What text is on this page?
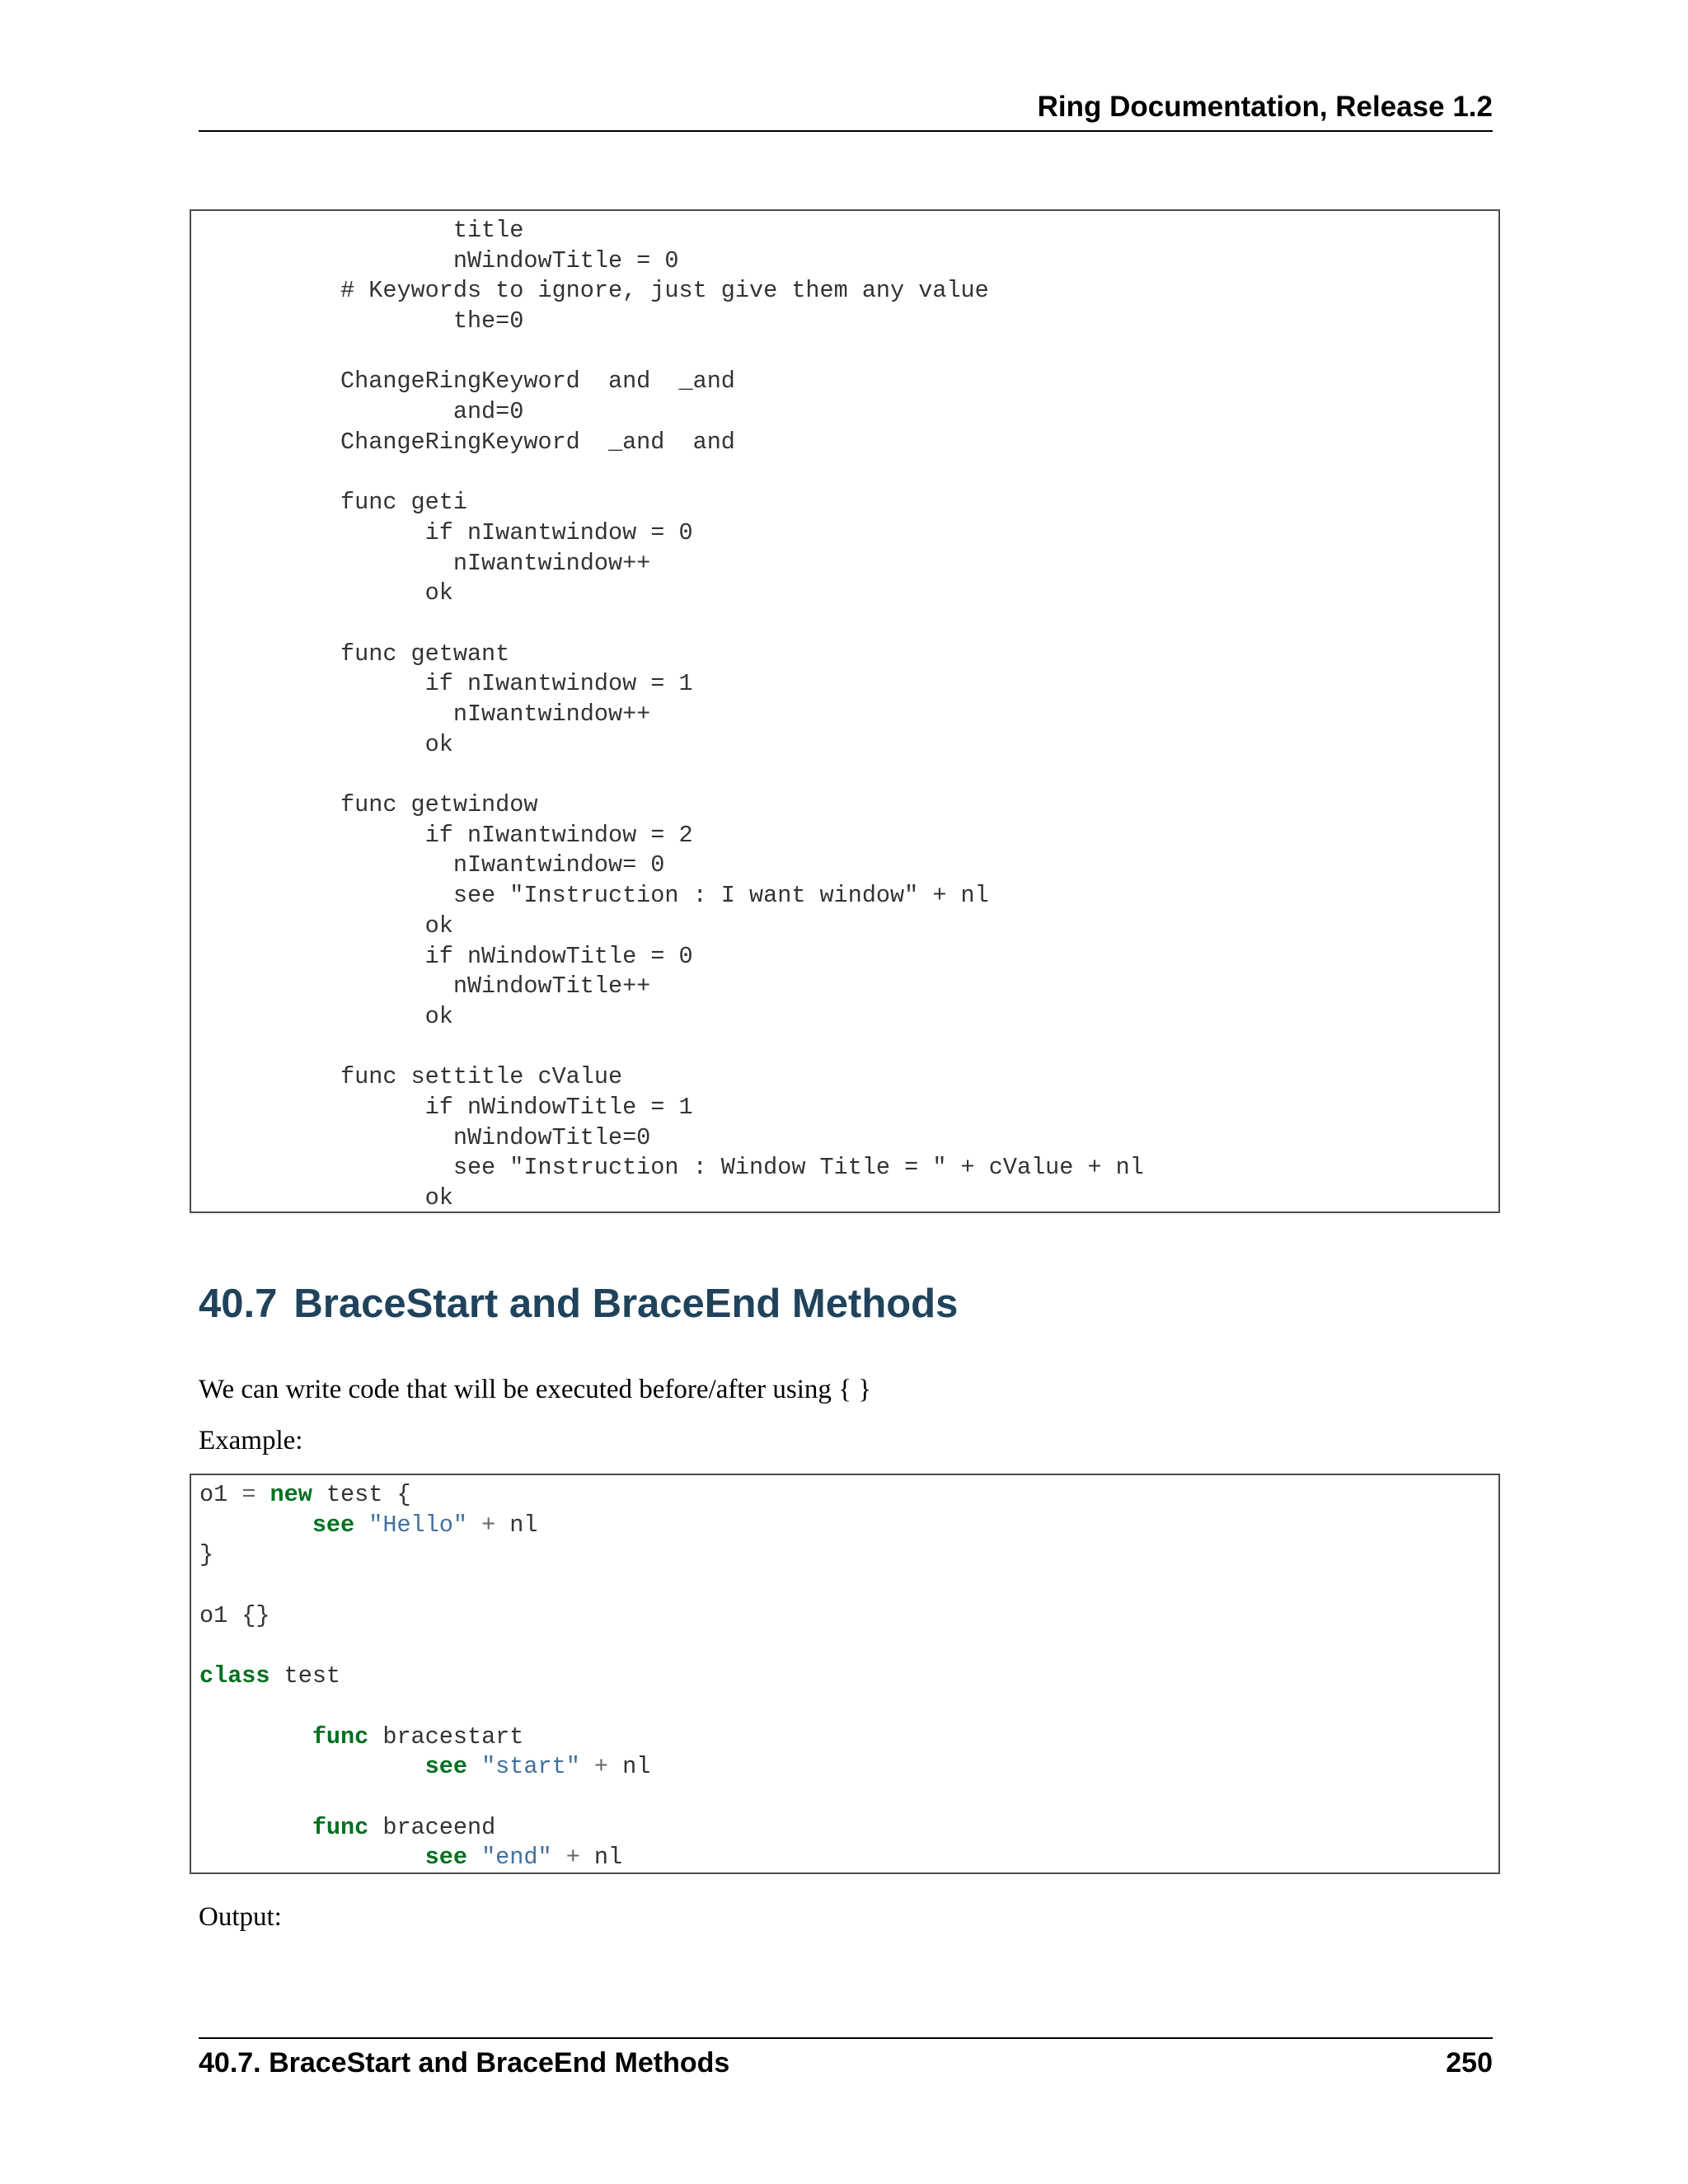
Ring Documentation, Release 1.2
title
nWindowTitle = 0
# Keywords to ignore, just give them any value
the=0
ChangeRingKeyword  and  _and
and=0
ChangeRingKeyword  _and  and
func geti
if nIwantwindow = 0
nIwantwindow++
ok
func getwant
if nIwantwindow = 1
nIwantwindow++
ok
func getwindow
if nIwantwindow = 2
nIwantwindow= 0
see "Instruction : I want window" + nl
ok
if nWindowTitle = 0
nWindowTitle++
ok
func settitle cValue
if nWindowTitle = 1
nWindowTitle=0
see "Instruction : Window Title = " + cValue + nl
ok
40.7 BraceStart and BraceEnd Methods

We can write code that will be executed before/after using { }

Example:

o1 = new test {
see "Hello" + nl
}
o1 {}
class test
func bracestart
see "start" + nl
func braceend
see "end" + nl

Output:

40.7. BraceStart and BraceEnd Methods	250
